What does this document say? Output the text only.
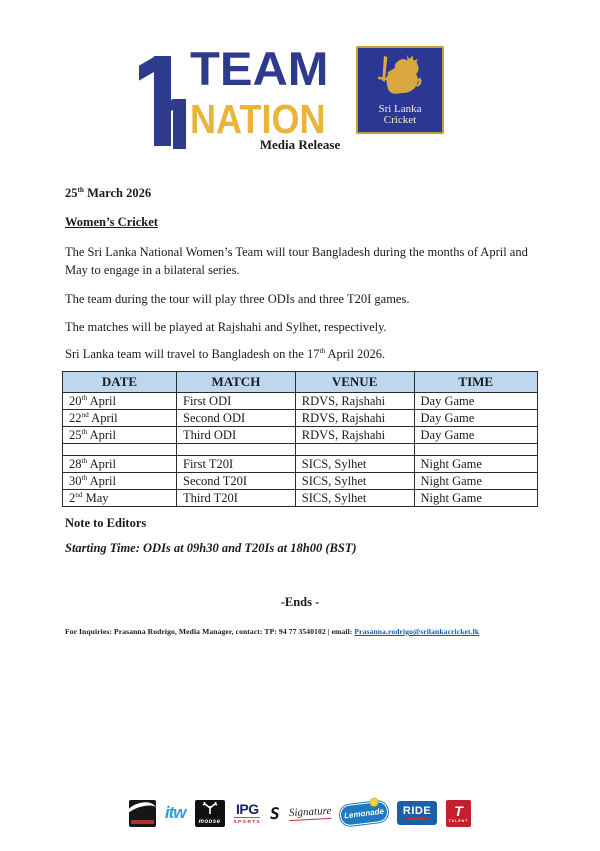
TEAM
NATION	Sri Lanka
Cricket
Media Release
25th March 2026
Women’s Cricket
The Sri Lanka National Women’s Team will tour Bangladesh during the months of April and May to engage in a bilateral series.
The team during the tour will play three ODIs and three T20I games.
The matches will be played at Rajshahi and Sylhet, respectively.
Sri Lanka team will travel to Bangladesh on the 17th April 2026.
DATE	MATCH	VENUE	TIME
20th April	First ODI	RDVS, Rajshahi	Day Game
22nd April	Second ODI	RDVS, Rajshahi	Day Game
25th April	Third ODI	RDVS, Rajshahi	Day Game

28th April	First T20I	SICS, Sylhet	Night Game
30th April	Second T20I	SICS, Sylhet	Night Game
2nd May	Third T20I	SICS, Sylhet	Night Game
Note to Editors
Starting Time: ODIs at 09h30 and T20Is at 18h00 (BST)
-Ends -
For Inquiries: Prasanna Rodrigo, Media Manager, contact: TP: 94 77 3540102 | email: Prasanna.rodrigo@srilankacricket.lk
itw moose
IPG
SPORTS S Signature Lemonade RIDE T
TALENT
